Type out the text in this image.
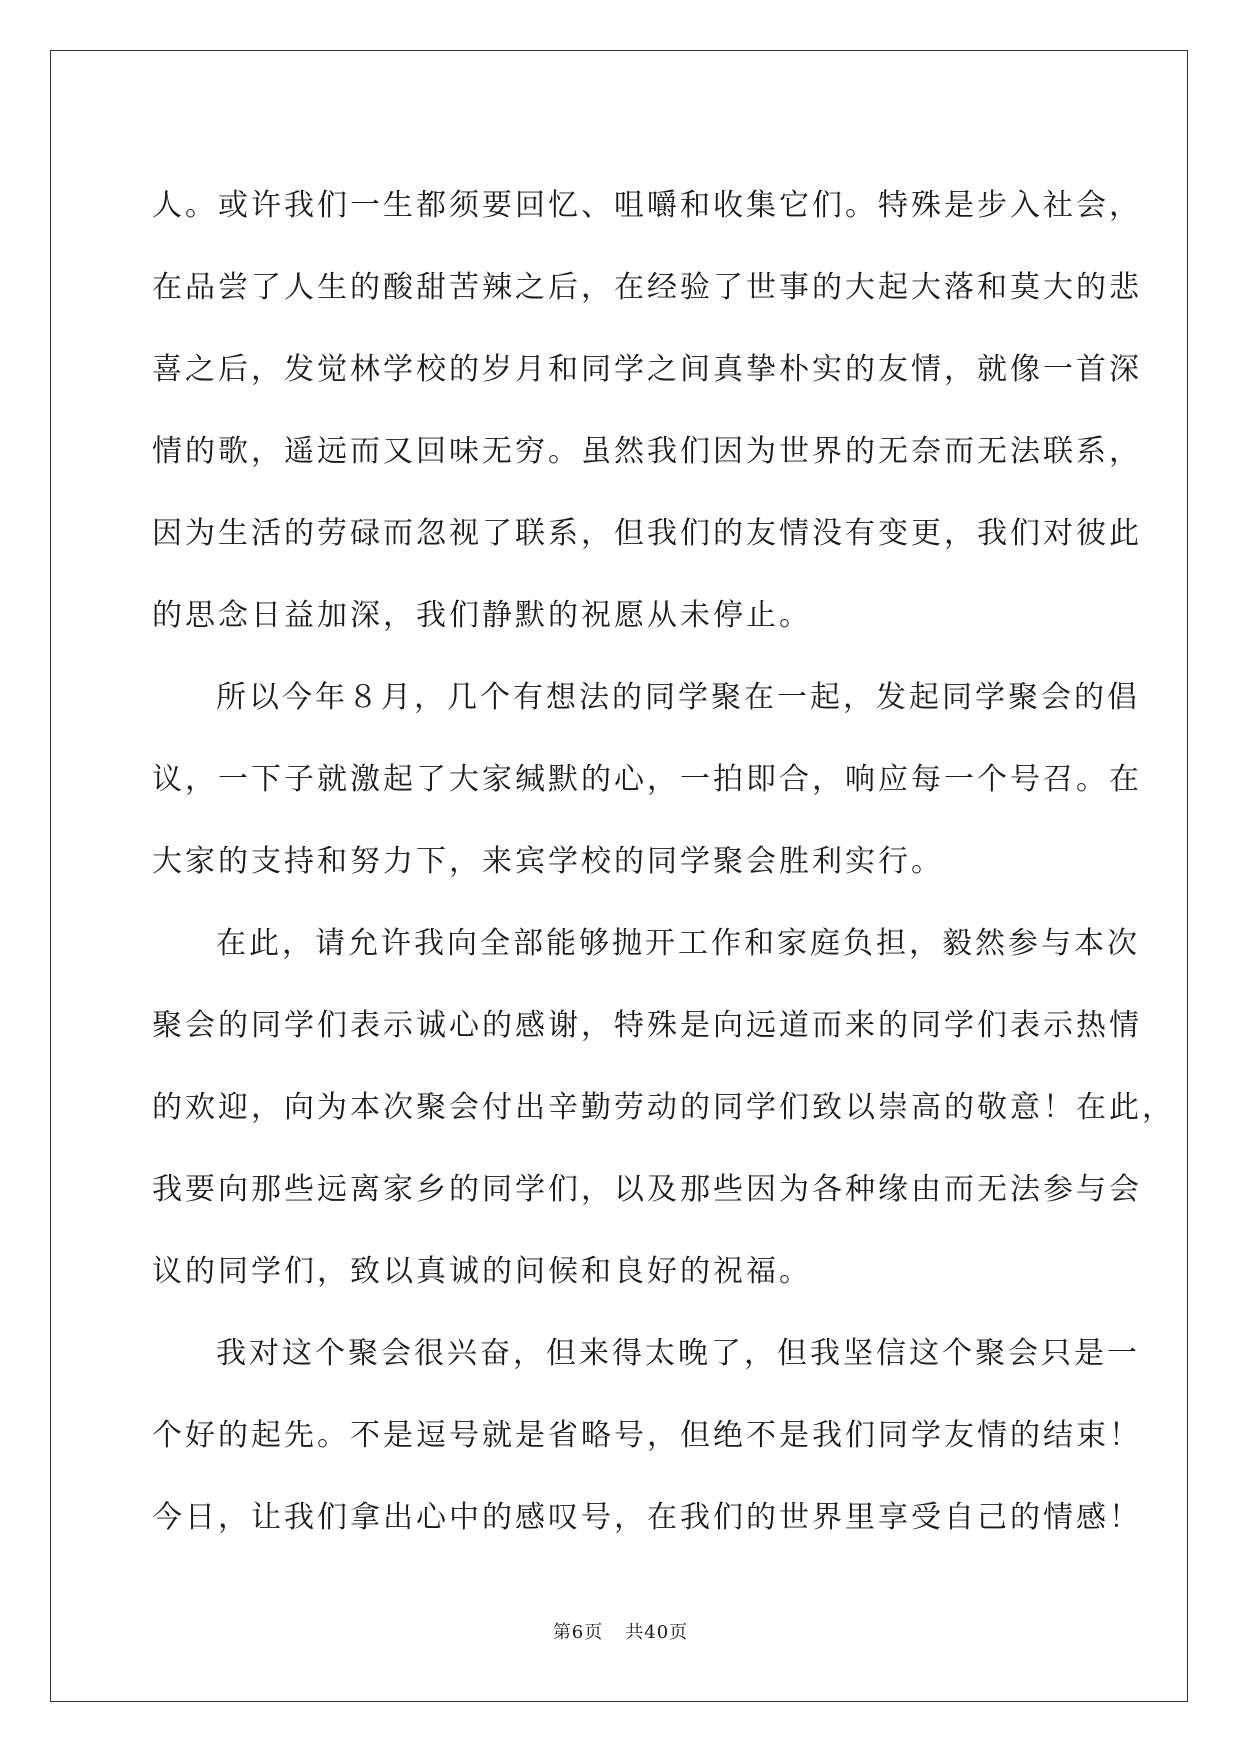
人。或许我们一生都须要回忆、咀嚼和收集它们。特殊是步入社会，
在品尝了人生的酸甜苦辣之后，在经验了世事的大起大落和莫大的悲
喜之后，发觉林学校的岁月和同学之间真挚朴实的友情，就像一首深
情的歌，遥远而又回味无穷。虽然我们因为世界的无奈而无法联系，
因为生活的劳碌而忽视了联系，但我们的友情没有变更，我们对彼此
的思念日益加深，我们静默的祝愿从未停止。
所以今年８月，几个有想法的同学聚在一起，发起同学聚会的倡
议，一下子就激起了大家缄默的心，一拍即合，响应每一个号召。在
大家的支持和努力下，来宾学校的同学聚会胜利实行。
在此，请允许我向全部能够抛开工作和家庭负担，毅然参与本次
聚会的同学们表示诚心的感谢，特殊是向远道而来的同学们表示热情
的欢迎，向为本次聚会付出辛勤劳动的同学们致以崇高的敬意！在此，
我要向那些远离家乡的同学们，以及那些因为各种缘由而无法参与会
议的同学们，致以真诚的问候和良好的祝福。
我对这个聚会很兴奋，但来得太晚了，但我坚信这个聚会只是一
个好的起先。不是逗号就是省略号，但绝不是我们同学友情的结束！
今日，让我们拿出心中的感叹号，在我们的世界里享受自己的情感！
第6页 共40页
